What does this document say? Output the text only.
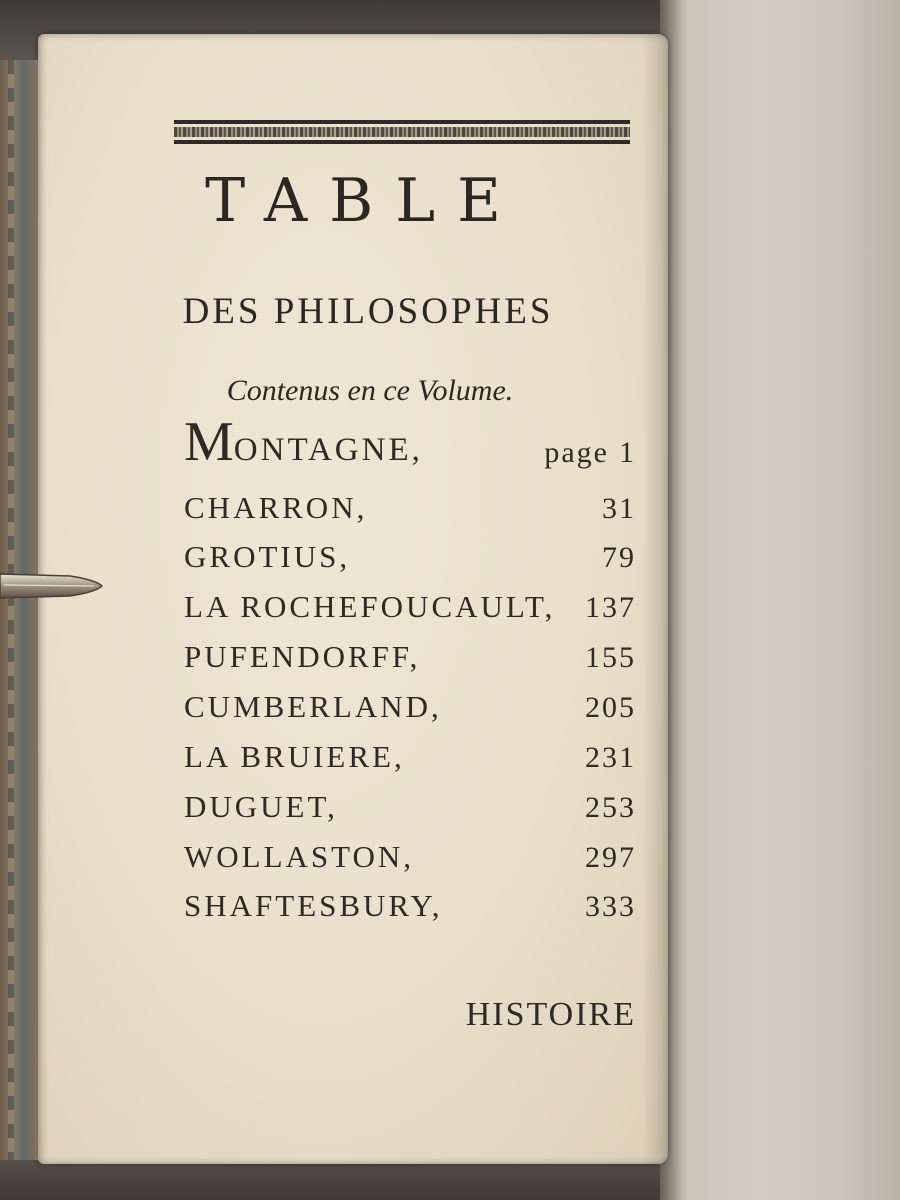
TABLE
DES PHILOSOPHES
Contenus en ce Volume.
MONTAGNE,	page 1
CHARRON,	31
GROTIUS,	79
LA ROCHEFOUCAULT, 137
PUFENDORFF,	155
CUMBERLAND,	205
LA BRUIERE,	231
DUGUET,	253
WOLLASTON,	297
SHAFTESBURY,	333
HISTOIRE
